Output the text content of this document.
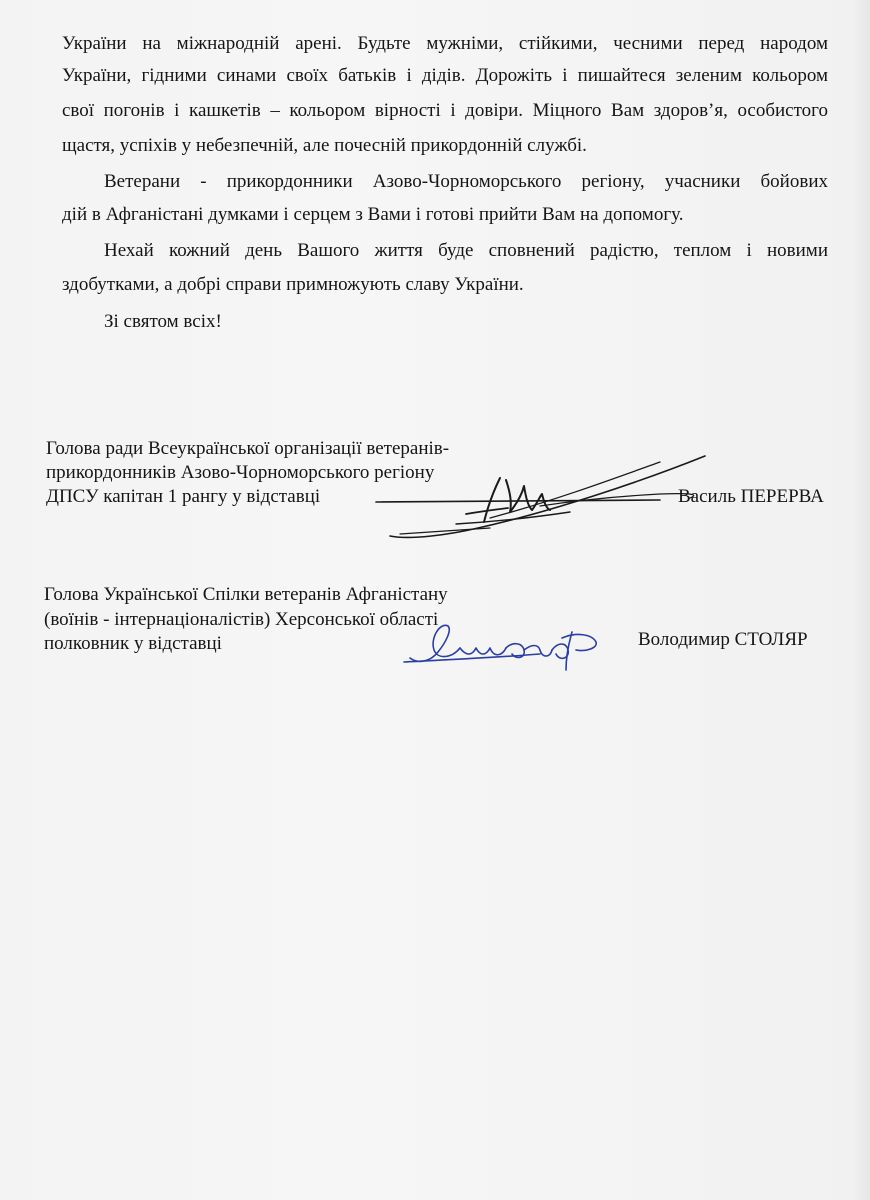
України на міжнародній арені. Будьте мужніми, стійкими, чесними перед народом
України, гідними синами своїх батьків і дідів. Дорожіть і пишайтеся зеленим кольором
свої погонів і кашкетів – кольором вірності і довіри. Міцного Вам здоров’я, особистого
щастя, успіхів у небезпечній, але почесній прикордонній службі.
Ветерани - прикордонники Азово-Чорноморського регіону, учасники бойових
дій в Афганістані думками і серцем з Вами і готові прийти Вам на допомогу.
Нехай кожний день Вашого життя буде сповнений радістю, теплом і новими
здобутками, а добрі справи примножують славу України.
Зі святом всіх!
Голова ради Всеукраїнської організації ветеранів-
прикордонників Азово-Чорноморського регіону
ДПСУ капітан 1 рангу у відставці	Василь ПЕРЕРВА
Голова Української Спілки ветеранів Афганістану
(воїнів - інтернаціоналістів) Херсонської області
полковник у відставці	Володимир СТОЛЯР
